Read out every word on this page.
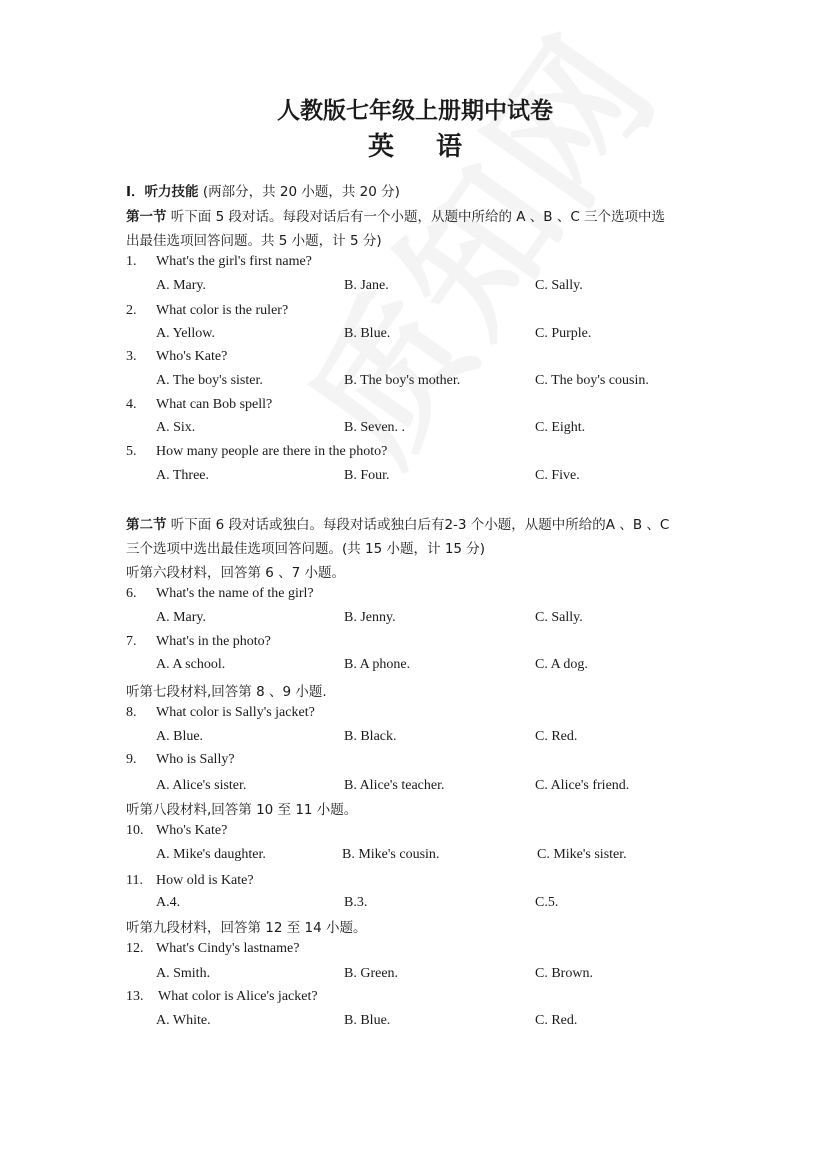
人教版七年级上册期中试卷
英语
I．听力技能 (两部分，共 20 小题，共 20 分)
第一节 听下面 5 段对话。每段对话后有一个小题，从题中所给的 A 、B 、C 三个选项中选
出最佳选项回答问题。共 5 小题，计 5 分)
1. What's the girl's first name?
A. Mary.	B. Jane.	C. Sally.
2. What color is the ruler?
A. Yellow.	B. Blue.	C. Purple.
3. Who's Kate?
A. The boy's sister.	B. The boy's mother.	C. The boy's cousin.
4. What can Bob spell?
A. Six.	B. Seven. .	C. Eight.
5. How many people are there in the photo?
A. Three.	B. Four.	C. Five.
第二节 听下面 6 段对话或独白。每段对话或独白后有2-3 个小题，从题中所给的A 、B 、C
三个选项中选出最佳选项回答问题。(共 15 小题，计 15 分)
听第六段材料，回答第 6 、7 小题。
6. What's the name of the girl?
A. Mary.	B. Jenny.	C. Sally.
7. What's in the photo?
A. A school.	B. A phone.	C. A dog.
听第七段材料,回答第 8 、9 小题.
8. What color is Sally's jacket?
A. Blue.	B. Black.	C. Red.
9. Who is Sally?
A. Alice's sister.	B. Alice's teacher.	C. Alice's friend.
听第八段材料,回答第 10 至 11 小题。
10. Who's Kate?
A. Mike's daughter.	B. Mike's cousin.	C. Mike's sister.
11. How old is Kate?
A.4.	B.3.	C.5.
听第九段材料，回答第 12 至 14 小题。
12. What's Cindy's lastname?
A. Smith.	B. Green.	C. Brown.
13. What color is Alice's jacket?
A. White.	B. Blue.	C. Red.
